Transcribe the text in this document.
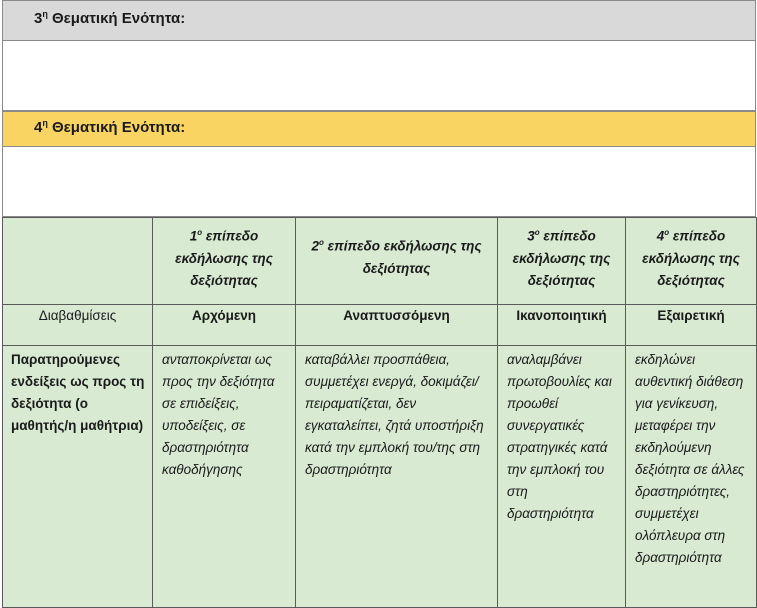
$3^\eta$ Θεματική Ενότητα:
$4^\eta$ Θεματική Ενότητα:
	$1^o$ επίπεδο εκδήλωσης της δεξιότητας	$2^o$ επίπεδο εκδήλωσης της δεξιότητας	$3^o$ επίπεδο εκδήλωσης της δεξιότητας	$4^o$ επίπεδο εκδήλωσης της δεξιότητας
Διαβαθμίσεις	Αρχόμενη	Αναπτυσσόμενη	Ικανοποιητική	Εξαιρετική
Παρατηρούμενες ενδείξεις ως προς τη δεξιότητα (ο μαθητής/η μαθήτρια)	ανταποκρίνεται ως προς την δεξιότητα σε επιδείξεις, υποδείξεις, σε δραστηριότητα καθοδήγησης	καταβάλλει προσπάθεια, συμμετέχει ενεργά, δοκιμάζει/πειραματίζεται, δεν εγκαταλείπει, ζητά υποστήριξη κατά την εμπλοκή του/της στη δραστηριότητα	αναλαμβάνει πρωτοβουλίες και προωθεί συνεργατικές στρατηγικές κατά την εμπλοκή του στη δραστηριότητα	εκδηλώνει αυθεντική διάθεση για γενίκευση, μεταφέρει την εκδηλούμενη δεξιότητα σε άλλες δραστηριότητες, συμμετέχει ολόπλευρα στη δραστηριότητα
